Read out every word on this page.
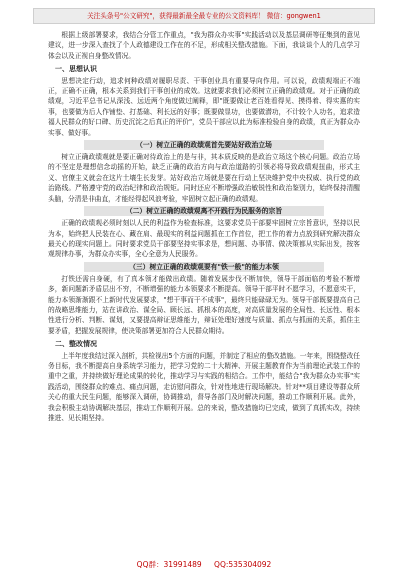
关注头条号"公文研究"，获得最新最全最专业的公文资料库！ 微信：gongwen1

根据上级部署要求，我结合分管工作重点，"我为群众办实事"实践活动以及基层调研等征集到的意见建议，进一步深入查找了个人政德建设工作在的不足，形成相关整改措施。下面，我谈谈个人的几点学习体会以及正视自身整改情况。

一、思想认识

思想决定行动，追求何种政绩对履职尽责、干事创业具有重要导向作用。可以说，政绩观端正不端正，正确不正确，根本关系到我们干事创业的成效。这就要求我们必须树立正确的政绩观。对于正确的政绩观，习近平总书记从深浅、远近两个角度做过阐释，即"既要做让老百姓看得见、摸得着、得实惠的实事，也要做为后人作铺垫、打基础、利长远的好事；既要做显功，也要做潜功，不计较个人功名，追求造福人民群众的好口碑、历史沉淀之后真正的评价"，党员干部应以此为标准检验自身的政绩，真正为群众办实事、做好事。

（一）树立正确的政绩观首先要站好政治立场

树立正确政绩观就是要正确对待政治上的是与非，其本质反映的是政治立场这个核心问题。政治立场的不坚定是理想信念动摇的开始，缺乏正确的政治方向与政治道路的引领必将导致政绩观扭曲，形式主义、官僚主义就会在这片土壤生长发芽。站好政治立场就是要在行动上坚决维护党中央权威、执行党的政治路线。严格遵守党的政治纪律和政治规矩。同时还应不断增强政治敏锐性和政治鉴别力，始终保持清醒头脑，分清是非曲直，才能经得起风浪考验，牢固树立起正确的政绩观。

（二）树立正确的政绩观离不开践行为民服务的宗旨

正确的政绩观必须时刻以人民的利益作为检查标准，这要求党员干部要牢固树立宗旨意识，坚持以民为本，始终把人民装在心、藏在肩、最现实的利益问题抓在工作首位，把工作的着力点放到研究解决群众最关心的现实问题上。同时要求党员干部要坚持实事求是，想问题、办事情、做决策都从实际出发，按客观规律办事，为群众办实事，全心全意为人民服务。

（三）树立正确的政绩观要有"铁一般"的能力本领

打铁还需自身硬，有了真本领才能做出政绩。随着发展步伐不断加快，领导干部面临的考验不断增多，新问题新矛盾层出不穷，不断增强的能力本领要求不断提高。领导干部平时不愿学习，不愿意实干，能力本领渐渐跟不上新时代发展要求，"想干事而干不成事"，最终只能碌碌无为。领导干部既要提高自己的战略思维能力，站在讲政治、谋全局、顾长远、抓根本的高度，对高质量发展的全局性、长远性、根本性进行分析、判断、谋划，又要提高辩证思维能力，辩证处理好速度与质量、抓点与抓面的关系，抓住主要矛盾，把握发展规律，使决策部署更加符合人民群众期待。

二、整改情况

上半年度我结过深入剖析，共检视出5个方面的问题，并制定了相应的整改措施。一年来，围绕整改任务目标，我不断提高自身系统学习能力，把学习党的二十大精神、开展主题教育作为当前理论武装工作的重中之重，并持续做好理论成果的转化，推动学习与实践的相结合。工作中，能结合"我为群众办实事"实践活动，围绕群众的难点、痛点问题，走访慰问群众，针对性地进行现场解决。针对**项目建设等群众所关心的重大民生问题，能够深入调研，协调推动，督导各部门及时解决问题，推动工作顺利开展。此外，我会积极主动协调解决基层，推动工作顺利开展。总的来说，整改措施均已完成，做到了真抓实改，持续推进、见长期坚持。

QQ群：31991489 QQ:535304092
